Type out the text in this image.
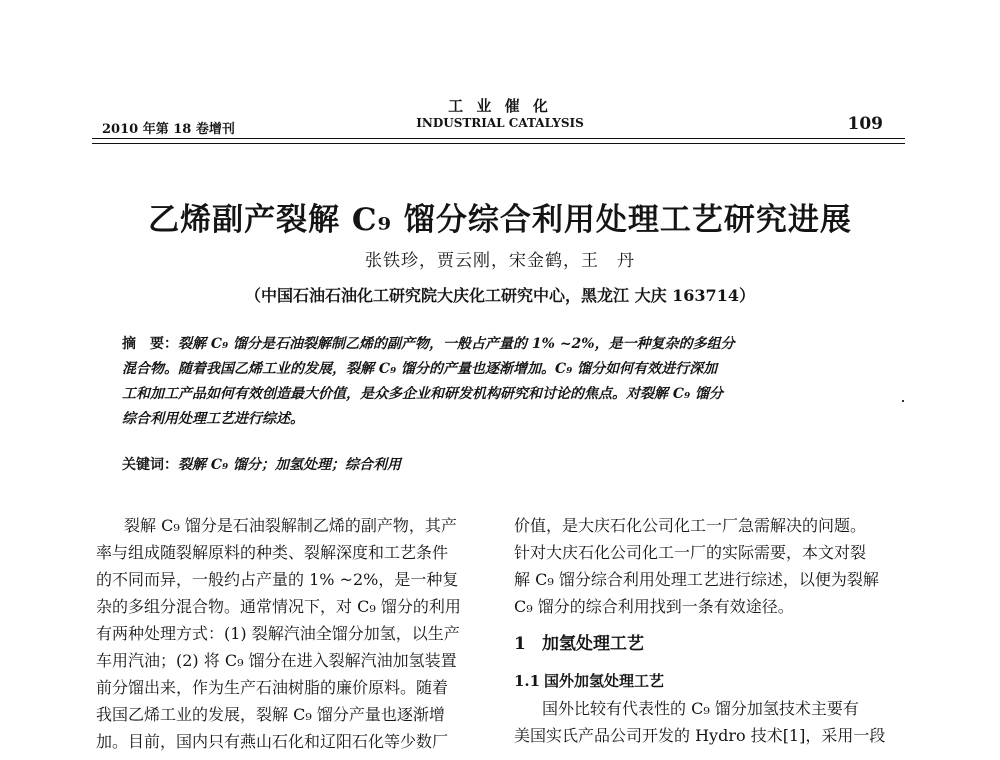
2010 年第 18 卷增刊
工 业 催 化
INDUSTRIAL CATALYSIS	109
乙烯副产裂解 C₉ 馏分综合利用处理工艺研究进展
张铁珍，贾云刚，宋金鹤，王　丹
（中国石油石油化工研究院大庆化工研究中心，黑龙江 大庆 163714）
摘　要：裂解 C₉ 馏分是石油裂解制乙烯的副产物，一般占产量的 1% ~2%，是一种复杂的多组分
混合物。随着我国乙烯工业的发展，裂解 C₉ 馏分的产量也逐渐增加。C₉ 馏分如何有效进行深加
工和加工产品如何有效创造最大价值，是众多企业和研发机构研究和讨论的焦点。对裂解 C₉ 馏分
综合利用处理工艺进行综述。
关键词：裂解 C₉ 馏分；加氢处理；综合利用
裂解 C₉ 馏分是石油裂解制乙烯的副产物，其产
率与组成随裂解原料的种类、裂解深度和工艺条件
的不同而异，一般约占产量的 1% ~2%，是一种复
杂的多组分混合物。通常情况下，对 C₉ 馏分的利用
有两种处理方式：(1) 裂解汽油全馏分加氢，以生产
车用汽油；(2) 将 C₉ 馏分在进入裂解汽油加氢装置
前分馏出来，作为生产石油树脂的廉价原料。随着
我国乙烯工业的发展，裂解 C₉ 馏分产量也逐渐增
加。目前，国内只有燕山石化和辽阳石化等少数厂
价值，是大庆石化公司化工一厂急需解决的问题。
针对大庆石化公司化工一厂的实际需要，本文对裂
解 C₉ 馏分综合利用处理工艺进行综述，以便为裂解
C₉ 馏分的综合利用找到一条有效途径。
1 加氢处理工艺
1.1 国外加氢处理工艺
国外比较有代表性的 C₉ 馏分加氢技术主要有
美国实氏产品公司开发的 Hydro 技术[1]，采用一段
